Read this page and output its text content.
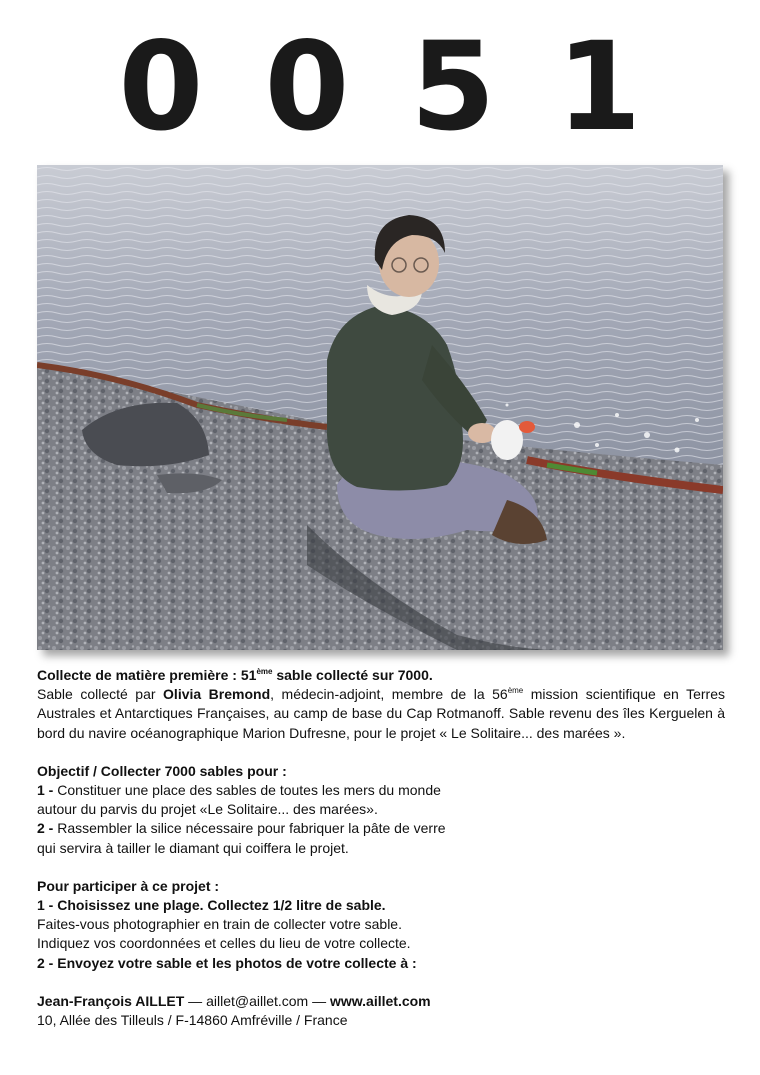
0 0 5 1

Collecte de matière première : 51ème sable collecté sur 7000.

Sable collecté par Olivia Bremond, médecin-adjoint, membre de la 56ème mission scientifique en Terres Australes et Antarctiques Françaises, au camp de base du Cap Rotmanoff. Sable revenu des îles Kerguelen à bord du navire océanographique Marion Dufresne, pour le projet « Le Solitaire... des marées ».

Objectif / Collecter 7000 sables pour :

1 - Constituer une place des sables de toutes les mers du monde

autour du parvis du projet «Le Solitaire... des marées».

2 - Rassembler la silice nécessaire pour fabriquer la pâte de verre

qui servira à tailler le diamant qui coiffera le projet.

Pour participer à ce projet :

1 - Choisissez une plage. Collectez 1/2 litre de sable.

Faites-vous photographier en train de collecter votre sable.

Indiquez vos coordonnées et celles du lieu de votre collecte.

2 - Envoyez votre sable et les photos de votre collecte à :

Jean-François AILLET — aillet@aillet.com — www.aillet.com

10, Allée des Tilleuls / F-14860 Amfréville / France
